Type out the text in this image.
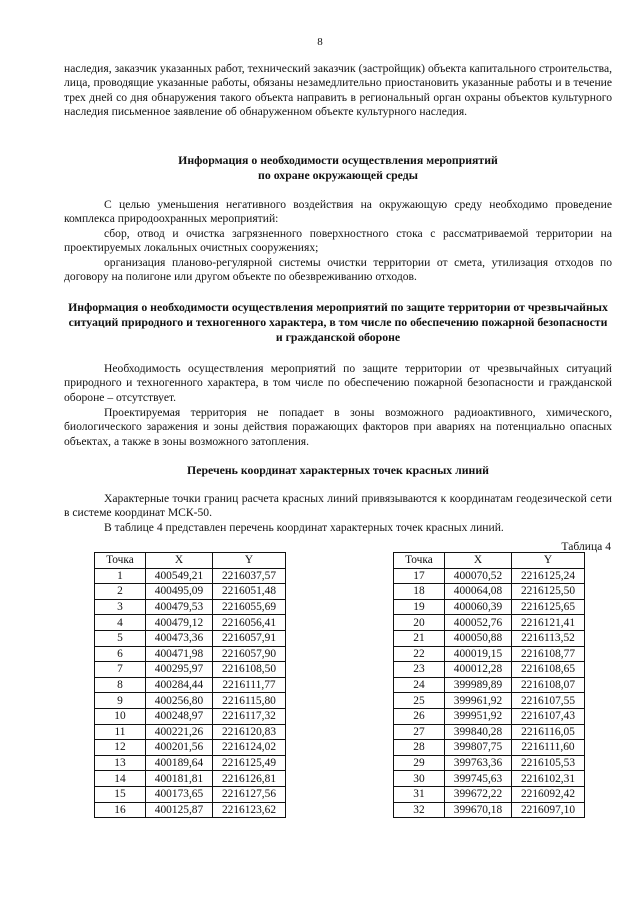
8

наследия, заказчик указанных работ, технический заказчик (застройщик) объекта капитального строительства, лица, проводящие указанные работы, обязаны незамедлительно приостановить указанные работы и в течение трех дней со дня обнаружения такого объекта направить в региональный орган охраны объектов культурного наследия письменное заявление об обнаруженном объекте культурного наследия.

Информация о необходимости осуществления мероприятий
по охране окружающей среды

С целью уменьшения негативного воздействия на окружающую среду необходимо проведение комплекса природоохранных мероприятий:

сбор, отвод и очистка загрязненного поверхностного стока с рассматриваемой территории на проектируемых локальных очистных сооружениях;

организация планово-регулярной системы очистки территории от смета, утилизация отходов по договору на полигоне или другом объекте по обезвреживанию отходов.

Информация о необходимости осуществления мероприятий по защите территории от чрезвычайных ситуаций природного и техногенного характера, в том числе по обеспечению пожарной безопасности и гражданской обороне

Необходимость осуществления мероприятий по защите территории от чрезвычайных ситуаций природного и техногенного характера, в том числе по обеспечению пожарной безопасности и гражданской обороне – отсутствует.

Проектируемая территория не попадает в зоны возможного радиоактивного, химического, биологического заражения и зоны действия поражающих факторов при авариях на потенциально опасных объектах, а также в зоны возможного затопления.

Перечень координат характерных точек красных линий

Характерные точки границ расчета красных линий привязываются к координатам геодезической сети в системе координат МСК-50.

В таблице 4 представлен перечень координат характерных точек красных линий.

Таблица 4
Точка	X	Y
1	400549,21	2216037,57
2	400495,09	2216051,48
3	400479,53	2216055,69
4	400479,12	2216056,41
5	400473,36	2216057,91
6	400471,98	2216057,90
7	400295,97	2216108,50
8	400284,44	2216111,77
9	400256,80	2216115,80
10	400248,97	2216117,32
11	400221,26	2216120,83
12	400201,56	2216124,02
13	400189,64	2216125,49
14	400181,81	2216126,81
15	400173,65	2216127,56
16	400125,87	2216123,62
Точка	X	Y
17	400070,52	2216125,24
18	400064,08	2216125,50
19	400060,39	2216125,65
20	400052,76	2216121,41
21	400050,88	2216113,52
22	400019,15	2216108,77
23	400012,28	2216108,65
24	399989,89	2216108,07
25	399961,92	2216107,55
26	399951,92	2216107,43
27	399840,28	2216116,05
28	399807,75	2216111,60
29	399763,36	2216105,53
30	399745,63	2216102,31
31	399672,22	2216092,42
32	399670,18	2216097,10
